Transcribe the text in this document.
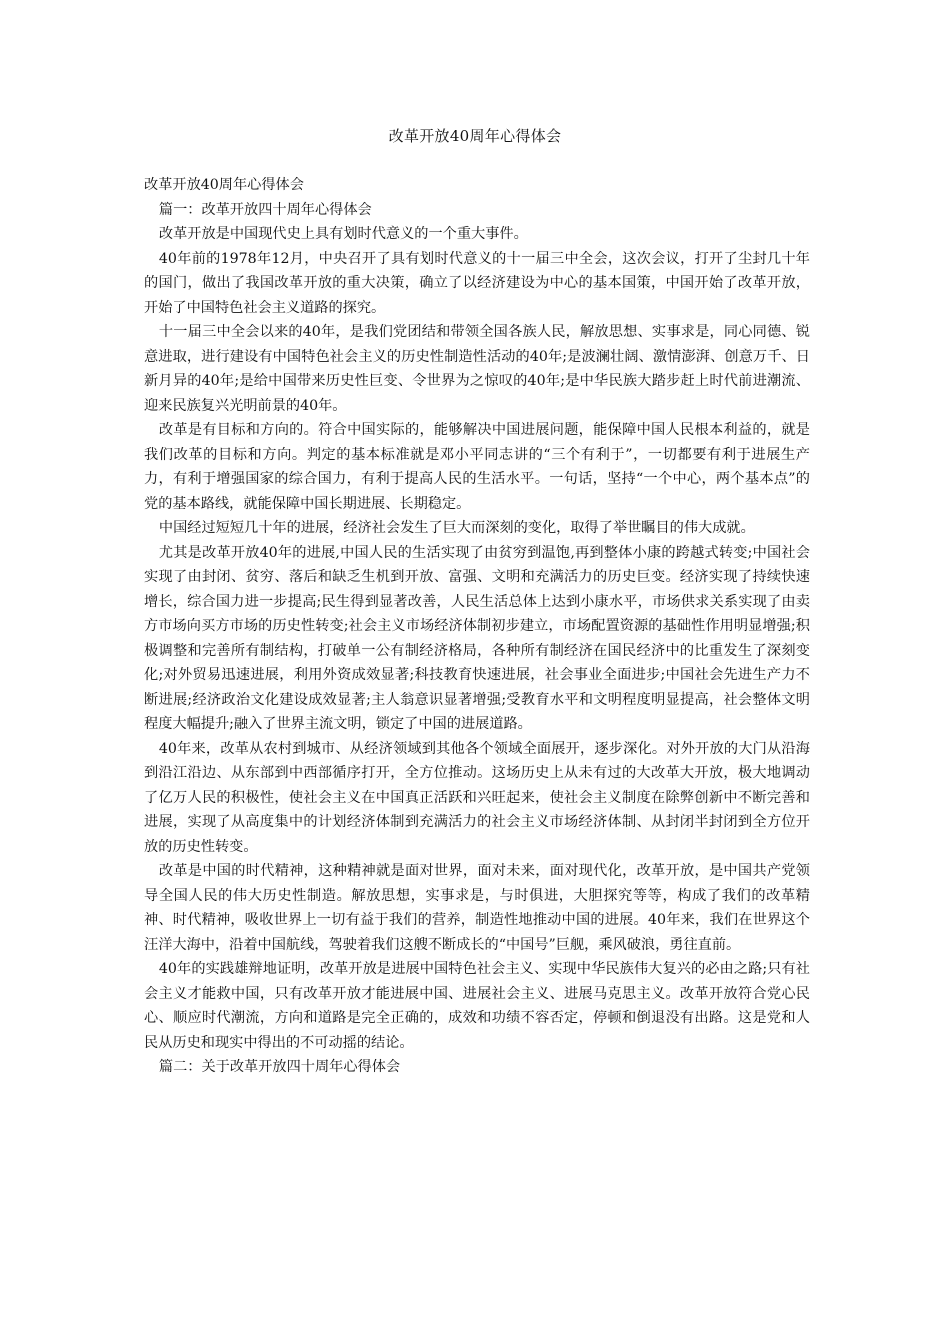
改革开放40周年心得体会

改革开放40周年心得体会

篇一：改革开放四十周年心得体会

改革开放是中国现代史上具有划时代意义的一个重大事件。

40年前的1978年12月，中央召开了具有划时代意义的十一届三中全会，这次会议，打开了尘封几十年的国门，做出了我国改革开放的重大决策，确立了以经济建设为中心的基本国策，中国开始了改革开放，开始了中国特色社会主义道路的探究。

十一届三中全会以来的40年，是我们党团结和带领全国各族人民，解放思想、实事求是，同心同德、锐意进取，进行建设有中国特色社会主义的历史性制造性活动的40年;是波澜壮阔、激情澎湃、创意万千、日新月异的40年;是给中国带来历史性巨变、令世界为之惊叹的40年;是中华民族大踏步赶上时代前进潮流、迎来民族复兴光明前景的40年。

改革是有目标和方向的。符合中国实际的，能够解决中国进展问题，能保障中国人民根本利益的，就是我们改革的目标和方向。判定的基本标准就是邓小平同志讲的“三个有利于”，一切都要有利于进展生产力，有利于增强国家的综合国力，有利于提高人民的生活水平。一句话，坚持“一个中心，两个基本点”的党的基本路线，就能保障中国长期进展、长期稳定。

中国经过短短几十年的进展，经济社会发生了巨大而深刻的变化，取得了举世瞩目的伟大成就。

尤其是改革开放40年的进展,中国人民的生活实现了由贫穷到温饱,再到整体小康的跨越式转变;中国社会实现了由封闭、贫穷、落后和缺乏生机到开放、富强、文明和充满活力的历史巨变。经济实现了持续快速增长，综合国力进一步提高;民生得到显著改善，人民生活总体上达到小康水平，市场供求关系实现了由卖方市场向买方市场的历史性转变;社会主义市场经济体制初步建立，市场配置资源的基础性作用明显增强;积极调整和完善所有制结构，打破单一公有制经济格局，各种所有制经济在国民经济中的比重发生了深刻变化;对外贸易迅速进展，利用外资成效显著;科技教育快速进展，社会事业全面进步;中国社会先进生产力不断进展;经济政治文化建设成效显著;主人翁意识显著增强;受教育水平和文明程度明显提高，社会整体文明程度大幅提升;融入了世界主流文明，锁定了中国的进展道路。

40年来，改革从农村到城市、从经济领域到其他各个领域全面展开，逐步深化。对外开放的大门从沿海到沿江沿边、从东部到中西部循序打开，全方位推动。这场历史上从未有过的大改革大开放，极大地调动了亿万人民的积极性，使社会主义在中国真正活跃和兴旺起来，使社会主义制度在除弊创新中不断完善和进展，实现了从高度集中的计划经济体制到充满活力的社会主义市场经济体制、从封闭半封闭到全方位开放的历史性转变。

改革是中国的时代精神，这种精神就是面对世界，面对未来，面对现代化，改革开放，是中国共产党领导全国人民的伟大历史性制造。解放思想，实事求是，与时俱进，大胆探究等等，构成了我们的改革精神、时代精神，吸收世界上一切有益于我们的营养，制造性地推动中国的进展。40年来，我们在世界这个汪洋大海中，沿着中国航线，驾驶着我们这艘不断成长的“中国号”巨舰，乘风破浪，勇往直前。

40年的实践雄辩地证明，改革开放是进展中国特色社会主义、实现中华民族伟大复兴的必由之路;只有社会主义才能救中国，只有改革开放才能进展中国、进展社会主义、进展马克思主义。改革开放符合党心民心、顺应时代潮流，方向和道路是完全正确的，成效和功绩不容否定，停顿和倒退没有出路。这是党和人民从历史和现实中得出的不可动摇的结论。

篇二：关于改革开放四十周年心得体会
